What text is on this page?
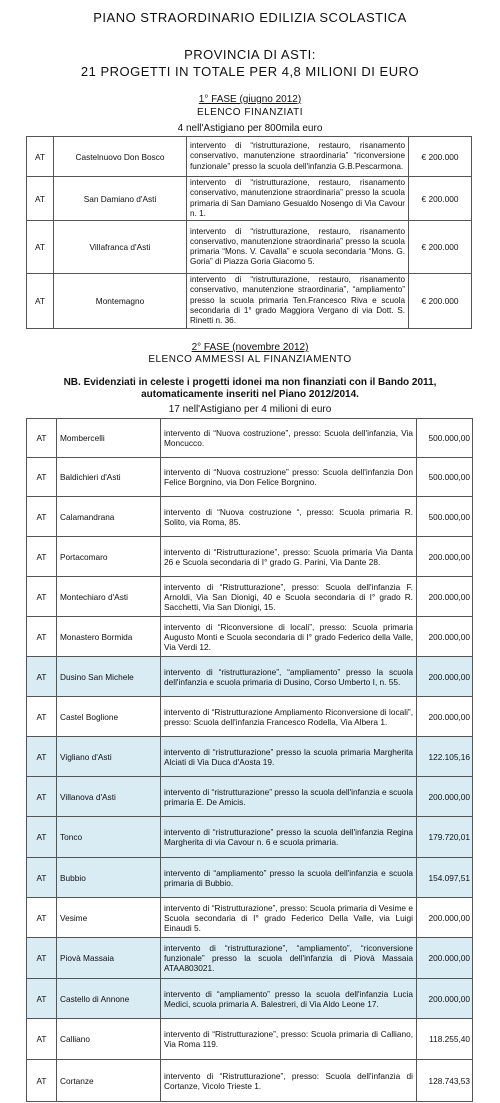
PIANO STRAORDINARIO EDILIZIA SCOLASTICA
PROVINCIA DI ASTI:
21 PROGETTI IN TOTALE PER 4,8 MILIONI DI EURO
1° FASE (giugno 2012)
ELENCO FINANZIATI
4 nell'Astigiano per 800mila euro
AT	Castelnuovo Don Bosco	intervento di “ristrutturazione, restauro, risanamento conservativo, manutenzione straordinaria” “riconversione funzionale” presso la scuola dell'infanzia G.B.Pescarmona.	€ 200.000
AT	San Damiano d'Asti	intervento di “ristrutturazione, restauro, risanamento conservativo, manutenzione straordinaria” presso la scuola primaria di San Damiano Gesualdo Nosengo di Via Cavour n. 1.	€ 200.000
AT	Villafranca d'Asti	intervento di “ristrutturazione, restauro, risanamento conservativo, manutenzione straordinaria” presso la scuola primaria “Mons. V. Cavalla” e scuola secondaria “Mons. G. Goria” di Piazza Goria Giacomo 5.	€ 200.000
AT	Montemagno	intervento di “ristrutturazione, restauro, risanamento conservativo, manutenzione straordinaria”, “ampliamento” presso la scuola primaria Ten.Francesco Riva e scuola secondaria di 1° grado Maggiora Vergano di via Dott. S. Rinetti n. 36.	€ 200.000
2° FASE (novembre 2012)
ELENCO AMMESSI AL FINANZIAMENTO
NB. Evidenziati in celeste i progetti idonei ma non finanziati con il Bando 2011,
automaticamente inseriti nel Piano 2012/2014.
17 nell'Astigiano per 4 milioni di euro
AT	Mombercelli	intervento di “Nuova costruzione”, presso: Scuola dell'infanzia, Via Moncucco.	500.000,00
AT	Baldichieri d'Asti	intervento di “Nuova costruzione” presso: Scuola dell'infanzia Don Felice Borgnino, via Don Felice Borgnino.	500.000,00
AT	Calamandrana	intervento di “Nuova costruzione “, presso: Scuola primaria R. Solito, via Roma, 85.	500.000,00
AT	Portacomaro	intervento di “Ristrutturazione”, presso: Scuola primaria Via Danta 26 e Scuola secondaria di I° grado G. Parini, Via Dante 28.	200.000,00
AT	Montechiaro d'Asti	intervento di “Ristrutturazione”, presso: Scuola dell'infanzia F. Arnoldi, Via San Dionigi, 40 e Scuola secondaria di I° grado R. Sacchetti, Via San Dionigi, 15.	200.000,00
AT	Monastero Bormida	intervento di “Riconversione di locali”, presso: Scuola primaria Augusto Monti e Scuola secondaria di I° grado Federico della Valle, Via Verdi 12.	200.000,00
AT	Dusino San Michele	intervento di “ristrutturazione”, “ampliamento” presso la scuola dell'infanzia e scuola primaria di Dusino, Corso Umberto I, n. 55.	200.000,00
AT	Castel Boglione	intervento di “Ristrutturazione Ampliamento Riconversione di locali”, presso: Scuola dell'infanzia Francesco Rodella, Via Albera 1.	200.000,00
AT	Vigliano d'Asti	intervento di “ristrutturazione” presso la scuola primaria Margherita Alciati di Via Duca d'Aosta 19.	122.105,16
AT	Villanova d'Asti	intervento di “ristrutturazione” presso la scuola dell'infanzia e scuola primaria E. De Amicis.	200.000,00
AT	Tonco	intervento di “ristrutturazione” presso la scuola dell'infanzia Regina Margherita di via Cavour n. 6 e scuola primaria.	179.720,01
AT	Bubbio	intervento di “ampliamento” presso la scuola dell'infanzia e scuola primaria di Bubbio.	154.097,51
AT	Vesime	intervento di “Ristrutturazione”, presso: Scuola primaria di Vesime e Scuola secondaria di I° grado Federico Della Valle, via Luigi Einaudi 5.	200.000,00
AT	Piovà Massaia	intervento di “ristrutturazione”, “ampliamento”, “riconversione funzionale” presso la scuola dell'infanzia di Piovà Massaia ATAA803021.	200.000,00
AT	Castello di Annone	intervento di “ampliamento” presso la scuola dell'infanzia Lucia Medici, scuola primaria A. Balestreri, di Via Aldo Leone 17.	200.000,00
AT	Calliano	intervento di “Ristrutturazione”, presso: Scuola primaria di Calliano, Via Roma 119.	118.255,40
AT	Cortanze	intervento di “Ristrutturazione”, presso: Scuola dell'infanzia di Cortanze, Vicolo Trieste 1.	128.743,53
